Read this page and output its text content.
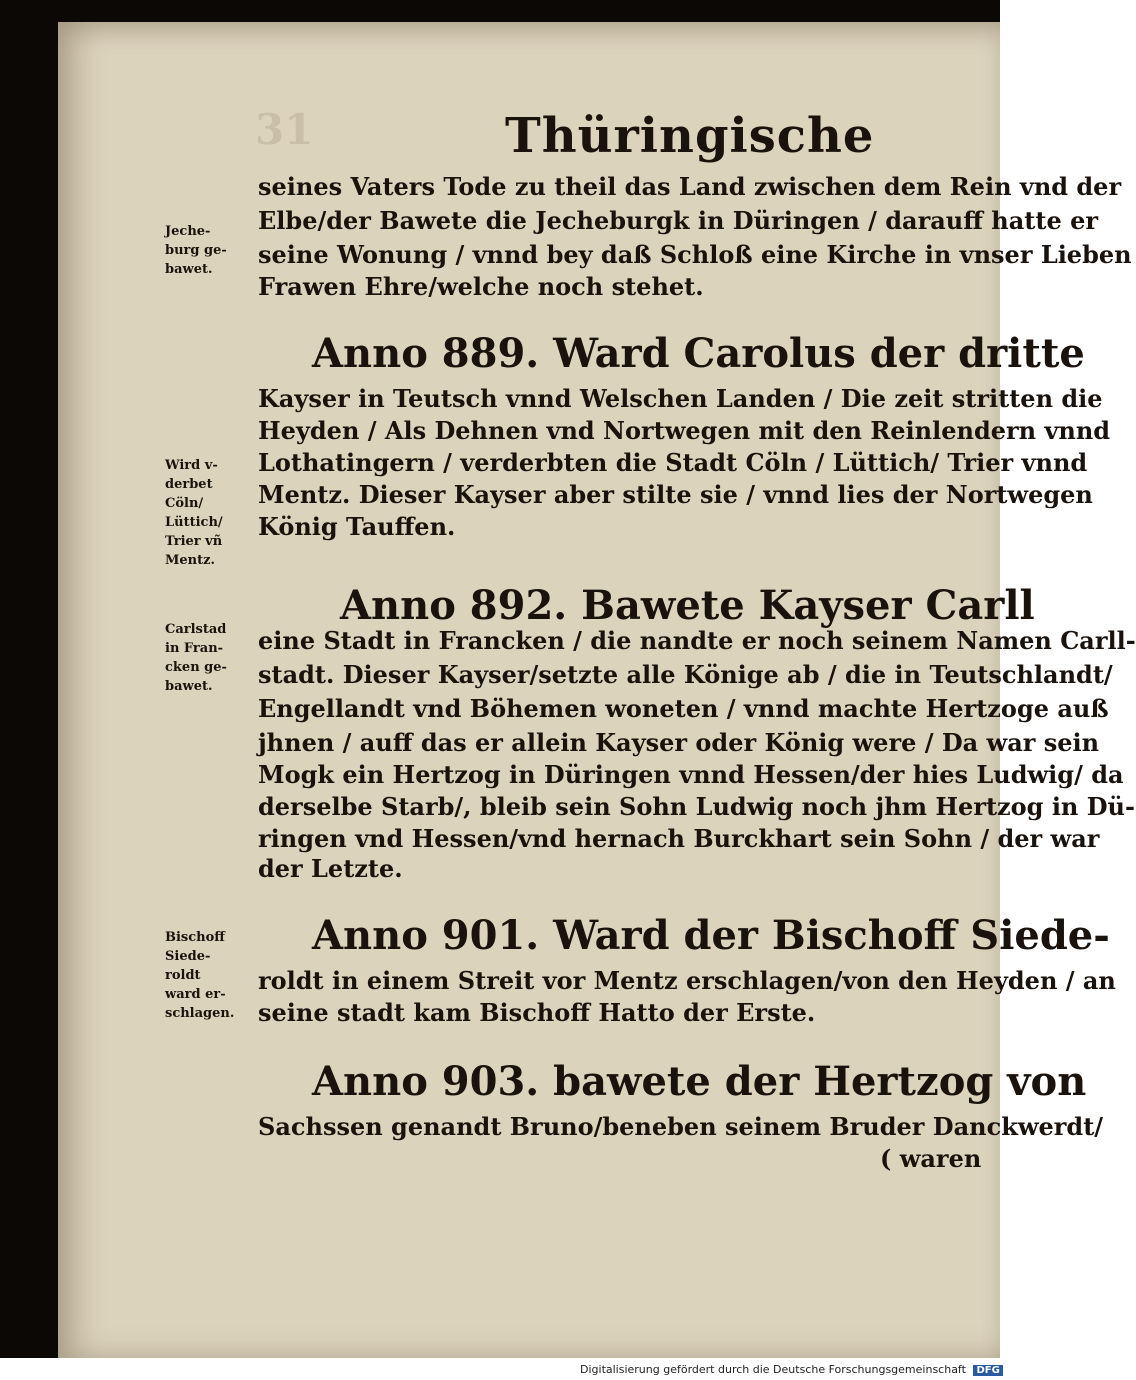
31	Thüringische
seines Vaters Tode zu theil das Land zwischen dem Rein vnd der
Elbe/der Bawete die Jecheburgk in Düringen / darauff hatte er
seine Wonung / vnnd bey daß Schloß eine Kirche in vnser Lieben
Frawen Ehre/welche noch stehet.
Anno 889. Ward Carolus der dritte
Kayser in Teutsch vnnd Welschen Landen / Die zeit stritten die
Heyden / Als Dehnen vnd Nortwegen mit den Reinlendern vnnd
Lothatingern / verderbten die Stadt Cöln / Lüttich/ Trier vnnd
Mentz. Dieser Kayser aber stilte sie / vnnd lies der Nortwegen
König Tauffen.
Anno 892. Bawete Kayser Carll
eine Stadt in Francken / die nandte er noch seinem Namen Carll-
stadt. Dieser Kayser/setzte alle Könige ab / die in Teutschlandt/
Engellandt vnd Böhemen woneten / vnnd machte Hertzoge auß
jhnen / auff das er allein Kayser oder König were / Da war sein
Mogk ein Hertzog in Düringen vnnd Hessen/der hies Ludwig/ da
derselbe Starb/, bleib sein Sohn Ludwig noch jhm Hertzog in Dü-
ringen vnd Hessen/vnd hernach Burckhart sein Sohn / der war
der Letzte.
Anno 901. Ward der Bischoff Siede-
roldt in einem Streit vor Mentz erschlagen/von den Heyden / an
seine stadt kam Bischoff Hatto der Erste.
Anno 903. bawete der Hertzog von
Sachssen genandt Bruno/beneben seinem Bruder Danckwerdt/
( waren
Jeche-
burg ge-
bawet.
Wird v-
derbet
Cöln/
Lüttich/
Trier vñ
Mentz.
Carlstad
in Fran-
cken ge-
bawet.
Bischoff
Siede-
roldt
ward er-
schlagen.
Digitalisierung gefördert durch die Deutsche Forschungsgemeinschaft DFG
